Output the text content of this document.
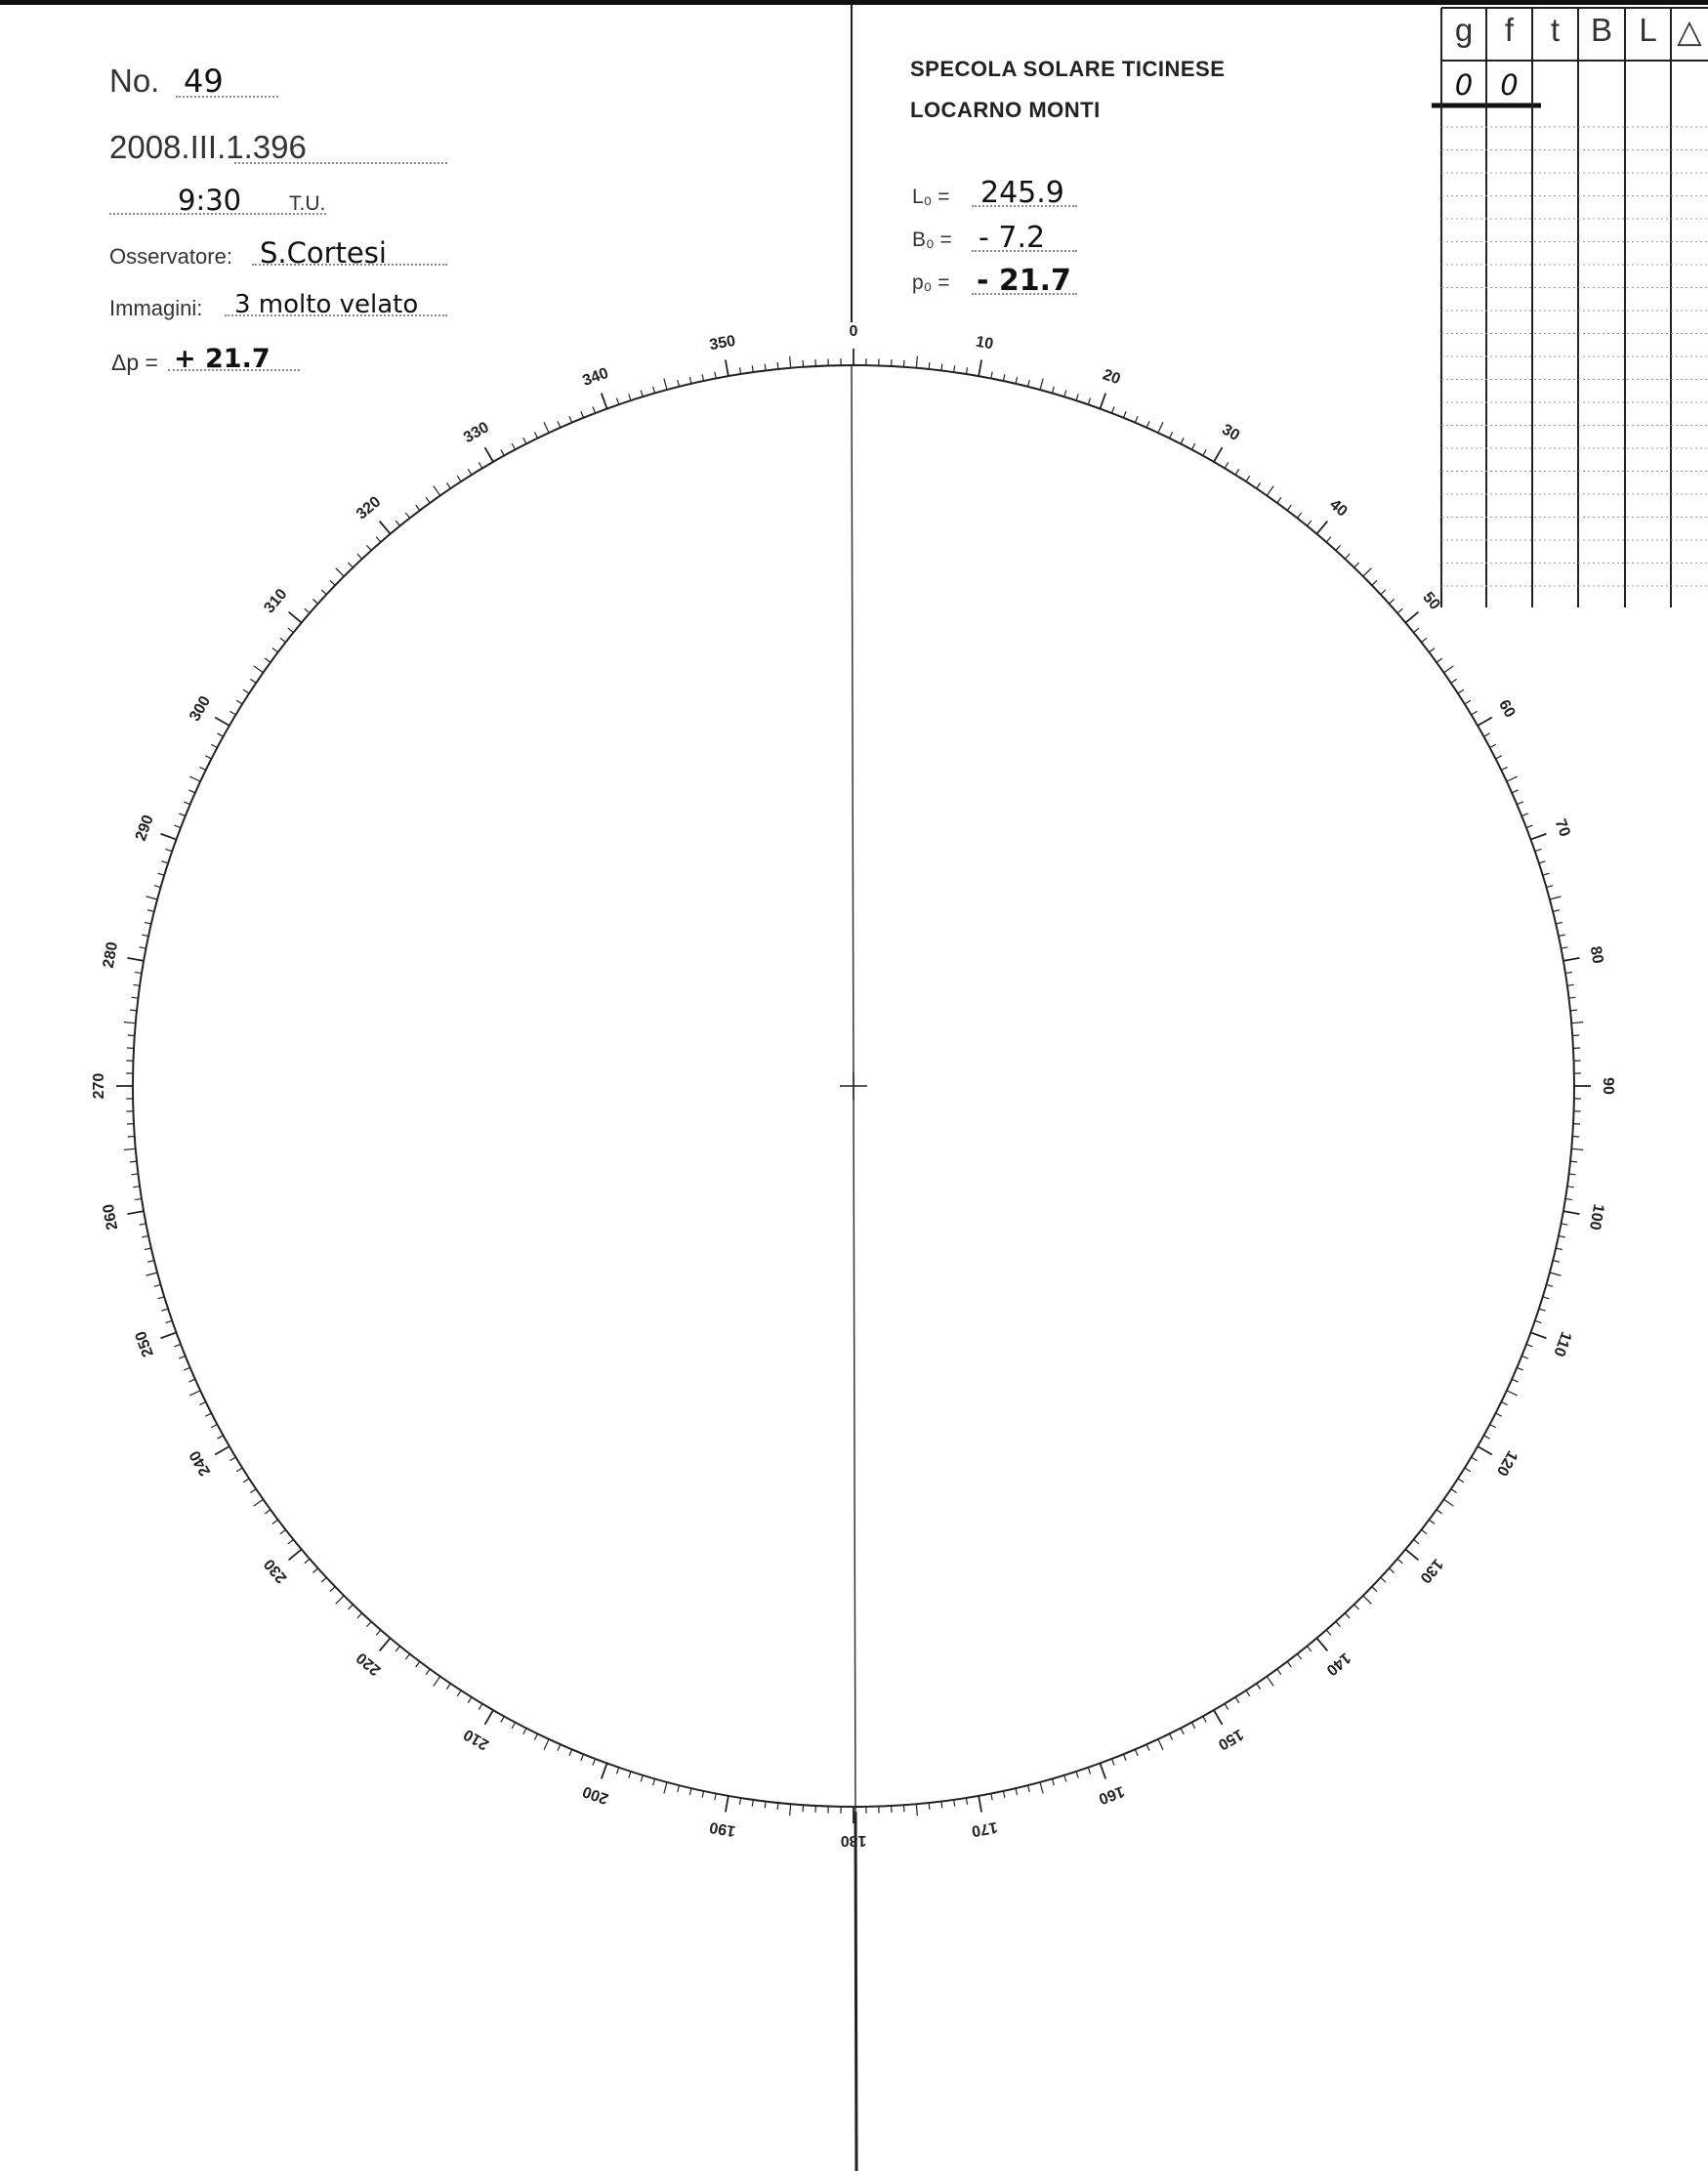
No. 49
2008.III.1.396
9:30 T.U.
Osservatore: S.Cortesi
Immagini: 3 molto velato
Δp = + 21.7
SPECOLA SOLARE TICINESE
LOCARNO MONTI
L₀ = 245.9
B₀ = - 7.2
p₀ = - 21.7
0
10
20
30
40
50
60
70
80
90
100
110
120
130
140
150
160
170
180
190
200
210
220
230
240
250
260
270
280
290
300
310
320
330
340
350
g f	t B L △
0 0
